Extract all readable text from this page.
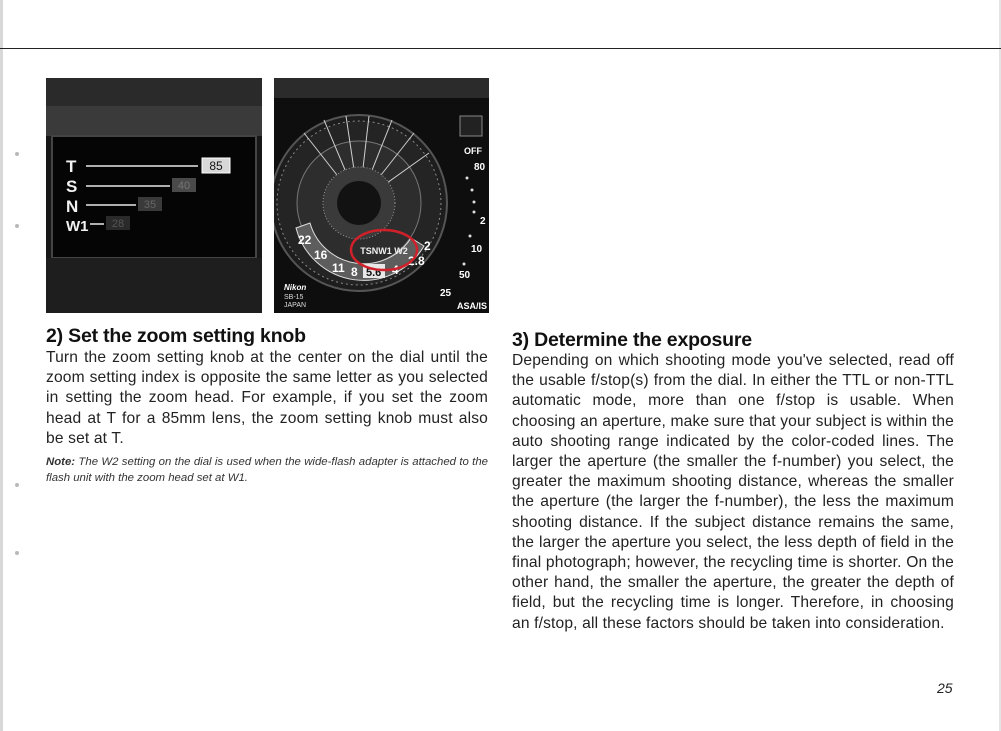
T	85
S	40
N	35
W1 28
22
16
11 8 5.6 4
2.8
2
TSNW1 W2
OFF
80
2
10
50
25
ASA/IS
Nikon
SB-15
JAPAN
2) Set the zoom setting knob

Turn the zoom setting knob at the center on the dial until the zoom setting index is opposite the same letter as you selected in setting the zoom head. For example, if you set the zoom head at T for a 85mm lens, the zoom setting knob must also be set at T.

Note: The W2 setting on the dial is used when the wide-flash adapter is attached to the flash unit with the zoom head set at W1.

3) Determine the exposure

Depending on which shooting mode you've selected, read off the usable f/stop(s) from the dial. In either the TTL or non-TTL automatic mode, more than one f/stop is usable. When choosing an aperture, make sure that your subject is within the auto shooting range indicated by the color-coded lines. The larger the aperture (the smaller the f-number) you select, the greater the maximum shooting distance, whereas the smaller the aperture (the larger the f-number), the less the maximum shooting distance. If the subject distance remains the same, the larger the aperture you select, the less depth of field in the final photograph; however, the recycling time is shorter. On the other hand, the smaller the aperture, the greater the depth of field, but the recycling time is longer. Therefore, in choosing an f/stop, all these factors should be taken into consideration.

25
